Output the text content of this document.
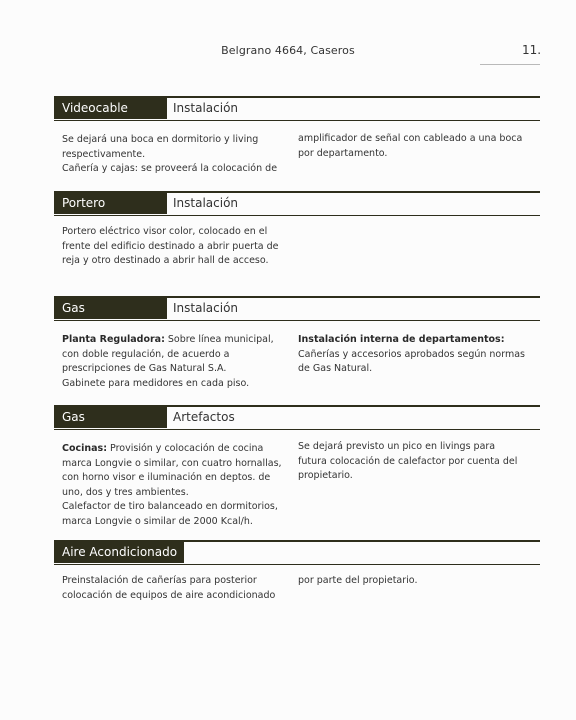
Belgrano 4664, Caseros	11.
Videocable	Instalación

Se dejará una boca en dormitorio y living respectivamente.

Cañería y cajas: se proveerá la colocación de

amplificador de señal con cableado a una boca por departamento.

Portero	Instalación

Portero eléctrico visor color, colocado en el frente del edificio destinado a abrir puerta de reja y otro destinado a abrir hall de acceso.

Gas	Instalación

Planta Reguladora: Sobre línea municipal, con doble regulación, de acuerdo a prescripciones de Gas Natural S.A.

Gabinete para medidores en cada piso.

Instalación interna de departamentos: Cañerías y accesorios aprobados según normas de Gas Natural.

Gas	Artefactos

Cocinas: Provisión y colocación de cocina marca Longvie o similar, con cuatro hornallas, con horno visor e iluminación en deptos. de uno, dos y tres ambientes.

Calefactor de tiro balanceado en dormitorios, marca Longvie o similar de 2000 Kcal/h.

Se dejará previsto un pico en livings para futura colocación de calefactor por cuenta del propietario.

Aire Acondicionado

Preinstalación de cañerías para posterior colocación de equipos de aire acondicionado

por parte del propietario.
